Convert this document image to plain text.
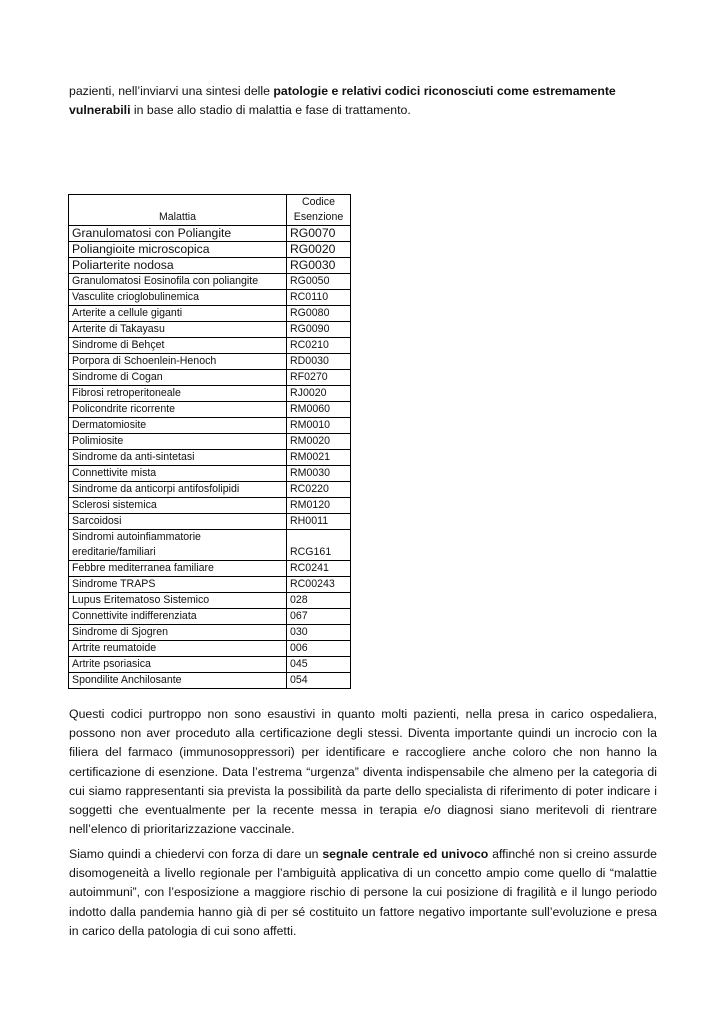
pazienti, nell’inviarvi una sintesi delle patologie e relativi codici riconosciuti come estremamente vulnerabili in base allo stadio di malattia e fase di trattamento.

Malattia	Codice Esenzione
Granulomatosi con Poliangite	RG0070
Poliangioite microscopica	RG0020
Poliarterite nodosa	RG0030
Granulomatosi Eosinofila con poliangite	RG0050
Vasculite crioglobulinemica	RC0110
Arterite a cellule giganti	RG0080
Arterite di Takayasu	RG0090
Sindrome di Behçet	RC0210
Porpora di Schoenlein-Henoch	RD0030
Sindrome di Cogan	RF0270
Fibrosi retroperitoneale	RJ0020
Policondrite ricorrente	RM0060
Dermatomiosite	RM0010
Polimiosite	RM0020
Sindrome da anti-sintetasi	RM0021
Connettivite mista	RM0030
Sindrome da anticorpi antifosfolipidi	RC0220
Sclerosi sistemica	RM0120
Sarcoidosi	RH0011
Sindromi autoinfiammatorie ereditarie/familiari	RCG161
Febbre mediterranea familiare	RC0241
Sindrome TRAPS	RC00243
Lupus Eritematoso Sistemico	028
Connettivite indifferenziata	067
Sindrome di Sjogren	030
Artrite reumatoide	006
Artrite psoriasica	045
Spondilite Anchilosante	054

Questi codici purtroppo non sono esaustivi in quanto molti pazienti, nella presa in carico ospedaliera, possono non aver proceduto alla certificazione degli stessi. Diventa importante quindi un incrocio con la filiera del farmaco (immunosoppressori) per identificare e raccogliere anche coloro che non hanno la certificazione di esenzione. Data l’estrema “urgenza” diventa indispensabile che almeno per la categoria di cui siamo rappresentanti sia prevista la possibilità da parte dello specialista di riferimento di poter indicare i soggetti che eventualmente per la recente messa in terapia e/o diagnosi siano meritevoli di rientrare nell’elenco di prioritarizzazione vaccinale.

Siamo quindi a chiedervi con forza di dare un segnale centrale ed univoco affinché non si creino assurde disomogeneità a livello regionale per l’ambiguità applicativa di un concetto ampio come quello di “malattie autoimmuni”, con l’esposizione a maggiore rischio di persone la cui posizione di fragilità e il lungo periodo indotto dalla pandemia hanno già di per sé costituito un fattore negativo importante sull’evoluzione e presa in carico della patologia di cui sono affetti.
